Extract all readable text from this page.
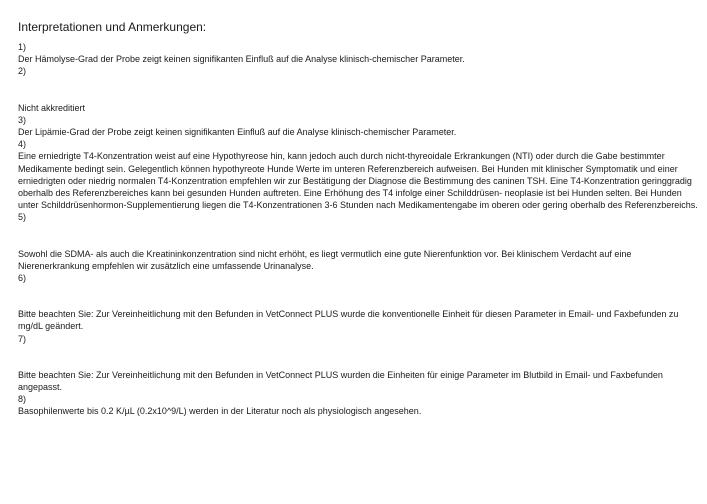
Interpretationen und Anmerkungen:
1)
Der Hämolyse-Grad der Probe zeigt keinen signifikanten Einfluß auf die Analyse klinisch-chemischer Parameter.
2)
Nicht akkreditiert
3)
Der Lipämie-Grad der Probe zeigt keinen signifikanten Einfluß auf die Analyse klinisch-chemischer Parameter.
4)
Eine erniedrigte T4-Konzentration weist auf eine Hypothyreose hin, kann jedoch auch durch nicht-thyreoidale Erkrankungen (NTI) oder durch die Gabe bestimmter Medikamente bedingt sein. Gelegentlich können hypothyreote Hunde Werte im unteren Referenzbereich aufweisen. Bei Hunden mit klinischer Symptomatik und einer erniedrigten oder niedrig normalen T4-Konzentration empfehlen wir zur Bestätigung der Diagnose die Bestimmung des caninen TSH. Eine T4-Konzentration geringgradig oberhalb des Referenzbereiches kann bei gesunden Hunden auftreten. Eine Erhöhung des T4 infolge einer Schilddrüsen- neoplasie ist bei Hunden selten. Bei Hunden unter Schilddrüsenhormon-Supplementierung liegen die T4-Konzentrationen 3-6 Stunden nach Medikamentengabe im oberen oder gering oberhalb des Referenzbereichs.
5)
Sowohl die SDMA- als auch die Kreatininkonzentration sind nicht erhöht, es liegt vermutlich eine gute Nierenfunktion vor. Bei klinischem Verdacht auf eine Nierenerkrankung empfehlen wir zusätzlich eine umfassende Urinanalyse.
6)
Bitte beachten Sie: Zur Vereinheitlichung mit den Befunden in VetConnect PLUS wurde die konventionelle Einheit für diesen Parameter in Email- und Faxbefunden zu mg/dL geändert.
7)
Bitte beachten Sie: Zur Vereinheitlichung mit den Befunden in VetConnect PLUS wurden die Einheiten für einige Parameter im Blutbild in Email- und Faxbefunden angepasst.
8)
Basophilenwerte bis 0.2 K/µL (0.2x10^9/L) werden in der Literatur noch als physiologisch angesehen.
